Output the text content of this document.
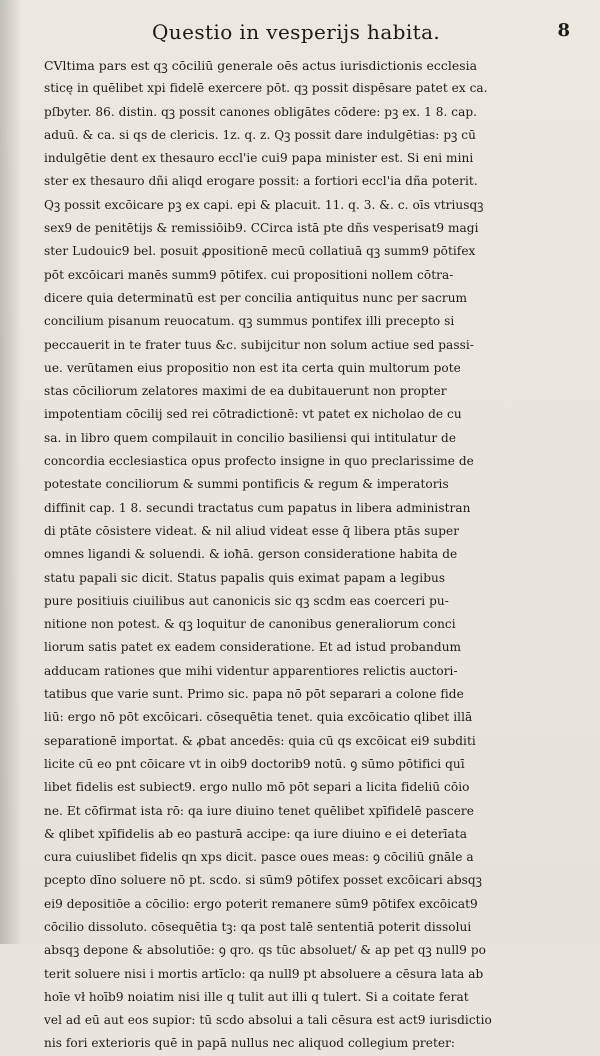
Questio in vesperijs habita.	8
CVltima pars est qꝫ cōciliū generale oēs actus iurisdictionis ecclesia
sticę in quēlibet xpi fidelē exercere pōt. qꝫ possit dispēsare patet ex ca.
pſbyter. 86. distin. qꝫ possit canones obligātes cōdere: pꝫ ex. 1 8. cap.
aduū. & ca. si qs de clericis. 1z. q. z. Qꝫ possit dare indulgētias: pꝫ cū
indulgētie dent ex thesauro eccl'ie cui9 papa minister est. Si eni mini
ster ex thesauro dñi aliqd erogare possit: a fortiori eccl'ia dña poterit.
Qꝫ possit excōicare pꝫ ex capi. epi & placuit. 11. q. 3. &. c. oīs vtriusqꝫ
sex9 de penitētijs & remissiōib9. CCirca istā pte dñs vesperisat9 magi
ster Ludouic9 bel. posuit ꝓpositionē mecū collatiuā qꝫ summ9 pōtifex
pōt excōicari manēs summ9 pōtifex. cui propositioni nollem cōtra-
dicere quia determinatū est per concilia antiquitus nunc per sacrum
concilium pisanum reuocatum. qꝫ summus pontifex illi precepto si
peccauerit in te frater tuus &c. subijcitur non solum actiue sed passi-
ue. verūtamen eius propositio non est ita certa quin multorum pote
stas cōciliorum zelatores maximi de ea dubitauerunt non propter
impotentiam cōcilij sed rei cōtradictionē: vt patet ex nicholao de cu
sa. in libro quem compilauit in concilio basiliensi qui intitulatur de
concordia ecclesiastica opus profecto insigne in quo preclarissime de
potestate conciliorum & summi pontificis & regum & imperatoris
diffinit cap. 1 8. secundi tractatus cum papatus in libera administran
di ptāte cōsistere videat. & nil aliud videat esse q̄ libera ptās super
omnes ligandi & soluendi. & ioħā. gerson consideratione habita de
statu papali sic dicit. Status papalis quis eximat papam a legibus
pure positiuis ciuilibus aut canonicis sic qꝫ scdm eas coerceri pu-
nitione non potest. & qꝫ loquitur de canonibus generaliorum conci
liorum satis patet ex eadem consideratione. Et ad istud probandum
adducam rationes que mihi videntur apparentiores relictis auctori-
tatibus que varie sunt. Primo sic. papa nō pōt separari a colone fide
liū: ergo nō pōt excōicari. cōsequētia tenet. quia excōicatio qlibet illā
separationē importat. & ꝓbat ancedēs: quia cū qs excōicat ei9 subditi
licite cū eo pnt cōicare vt in oib9 doctorib9 notū. ꝯ sūmo pōtifici quī
libet fidelis est subiect9. ergo nullo mō pōt separi a licita fideliū cōio
ne. Et cōfirmat ista rō: qa iure diuino tenet quēlibet xpīfidelē pascere
& qlibet xpīfidelis ab eo pasturā accipe: qa iure diuino e ei deterīata
cura cuiuslibet fidelis qn xps dicit. pasce oues meas: ꝯ cōciliū gnāle a
pcepto dīno soluere nō pt. scdo. si sūm9 pōtifex posset excōicari absqꝫ
ei9 depositiōe a cōcilio: ergo poterit remanere sūm9 pōtifex excōicat9
cōcilio dissoluto. cōsequētia tꝫ: qa post talē sententiā poterit dissolui
absqꝫ depone & absolutiōe: ꝯ qro. qs tūc absoluet/ & ap pet qꝫ null9 po
terit soluere nisi i mortis artīclo: qa null9 pt absoluere a cēsura lata ab
hoīe vł hoīb9 noiatim nisi ille q tulit aut illi q tulert. Si a coitate ferat
vel ad eū aut eos supior: tū scdo absolui a tali cēsura est act9 iurisdictio
nis fori exterioris quē in papā nullus nec aliquod collegium preter:
